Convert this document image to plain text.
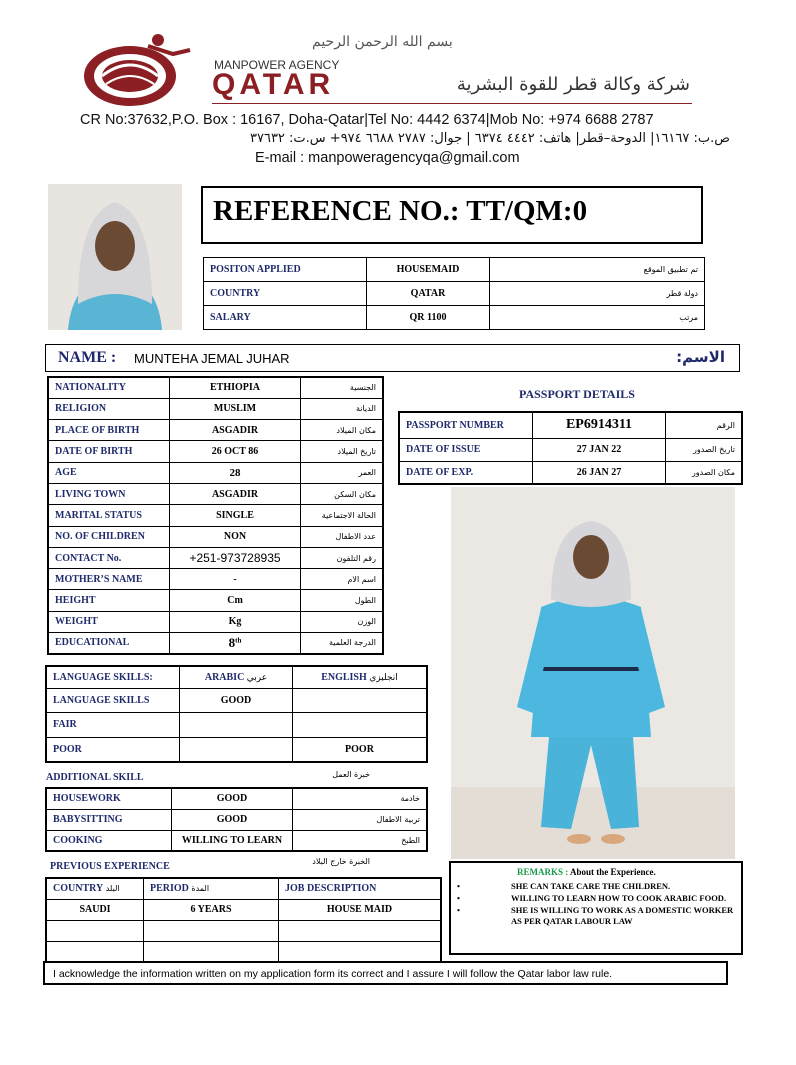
بسم الله الرحمن الرحيم
MANPOWER AGENCY
QATAR	شركة وكالة قطر للقوة البشرية
CR No:37632,P.O. Box : 16167, Doha-Qatar|Tel No: 4442 6374|Mob No: +974 6688 2787
ص.ب: ١٦١٦٧| الدوحة–قطر| هاتف: ٤٤٤٢ ٦٣٧٤ | جوال: ٢٧٨٧ ٦٦٨٨ ٩٧٤+ س.ت: ٣٧٦٣٢
E-mail : manpoweragencyqa@gmail.com
REFERENCE NO.: TT/QM:0
POSITON APPLIED	HOUSEMAID	تم تطبيق الموقع
COUNTRY	QATAR	دولة قطر
SALARY	QR 1100	مرتب
NAME : MUNTEHA JEMAL JUHAR	الاسم:
NATIONALITY	ETHIOPIA	الجنسية
RELIGION	MUSLIM	الديانة
PLACE OF BIRTH	ASGADIR	مكان الميلاد
DATE OF BIRTH	26 OCT 86	تاريخ الميلاد
AGE	28	العمر
LIVING TOWN	ASGADIR	مكان السكن
MARITAL STATUS	SINGLE	الحالة الاجتماعية
NO. OF CHILDREN	NON	عدد الاطفال
CONTACT No.	+251-973728935	رقم التلفون
MOTHER’S NAME	-	اسم الام
HEIGHT	Cm	الطول
WEIGHT	Kg	الوزن
EDUCATIONAL	8th	الدرجة العلمية
PASSPORT DETAILS
PASSPORT NUMBER	EP6914311	الرقم
DATE OF ISSUE	27 JAN 22	تاريخ الصدور
DATE OF EXP.	26 JAN 27	مكان الصدور
LANGUAGE SKILLS:	ARABIC عربي	ENGLISH انجليزي
LANGUAGE SKILLS	GOOD	
FAIR		
POOR		POOR
ADDITIONAL SKILL	خبرة العمل
HOUSEWORK	GOOD	خادمة
BABYSITTING	GOOD	تربية الاطفال
COOKING	WILLING TO LEARN	الطبخ
PREVIOUS EXPERIENCE	الخبرة خارج البلاد
COUNTRY البلد	PERIOD المدة	JOB DESCRIPTION
SAUDI	6 YEARS	HOUSE MAID

REMARKS : About the Experience.
•	SHE CAN TAKE CARE THE CHILDREN.
•	WILLING TO LEARN HOW TO COOK ARABIC FOOD.
•	SHE IS WILLING TO WORK AS A DOMESTIC WORKER AS PER QATAR LABOUR LAW
I acknowledge the information written on my application form its correct and I assure I will follow the Qatar labor law rule.
